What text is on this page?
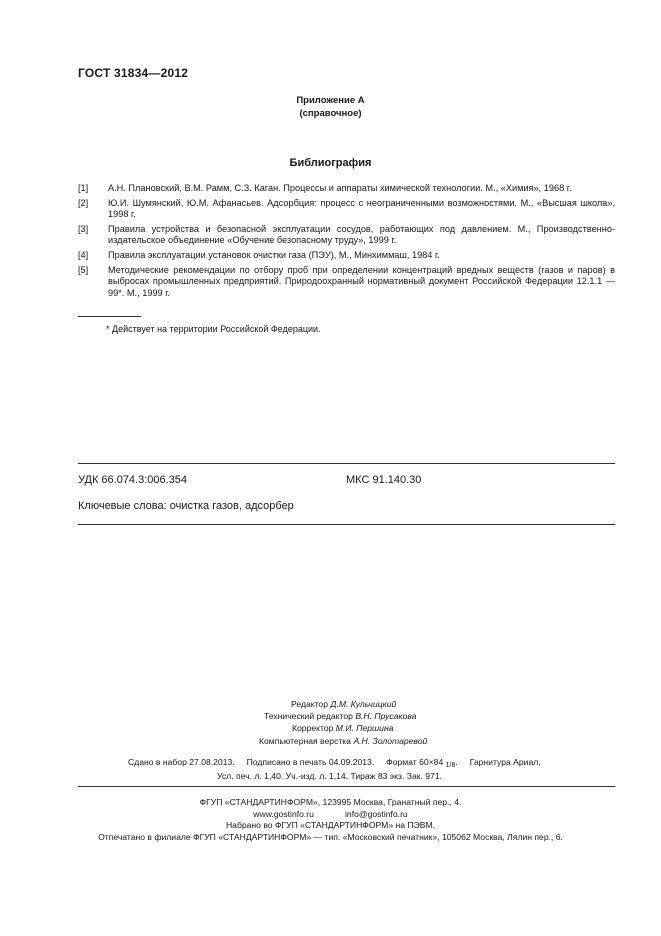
ГОСТ 31834—2012
Приложение А
(справочное)
Библиография
[1]	А.Н. Плановский, В.М. Рамм, С.З. Каган. Процессы и аппараты химической технологии. М., «Химия», 1968 г.
[2]	Ю.И. Шумянский, Ю.М. Афанасьев. Адсорбция: процесс с неограниченными возможностями. М., «Высшая школа», 1998 г.
[3]	Правила устройства и безопасной эксплуатации сосудов, работающих под давлением. М., Производственно-издательское объединение «Обучение безопасному труду», 1999 г.
[4]	Правила эксплуатации установок очистки газа (ПЭУ), М., Минхиммаш, 1984 г.
[5]	Методические рекомендации по отбору проб при определении концентраций вредных веществ (газов и паров) в выбросах промышленных предприятий. Природоохранный нормативный документ Российской Федерации 12.1.1 — 99*. М., 1999 г.
* Действует на территории Российской Федерации.
УДК 66.074.3:006.354	МКС 91.140.30
Ключевые слова: очистка газов, адсорбер
Редактор Д.М. Кульчицкий
Технический редактор В.Н. Прусакова
Корректор М.И. Першина
Компьютерная верстка А.Н. Золотаревой
Сдано в набор 27.08.2013. Подписано в печать 04.09.2013. Формат 60×84 $_{1/8}$. Гарнитура Ариал.
Усл. печ. л. 1,40. Уч.-изд. л. 1,14. Тираж 83 экз. Зак. 971.
ФГУП «СТАНДАРТИНФОРМ», 123995 Москва, Гранатный пер., 4.
www.gostinfo.ru	info@gostinfo.ru
Набрано во ФГУП «СТАНДАРТИНФОРМ» на ПЭВМ.
Отпечатано в филиале ФГУП «СТАНДАРТИНФОРМ» — тип. «Московский печатник», 105062 Москва, Лялин пер., 6.
